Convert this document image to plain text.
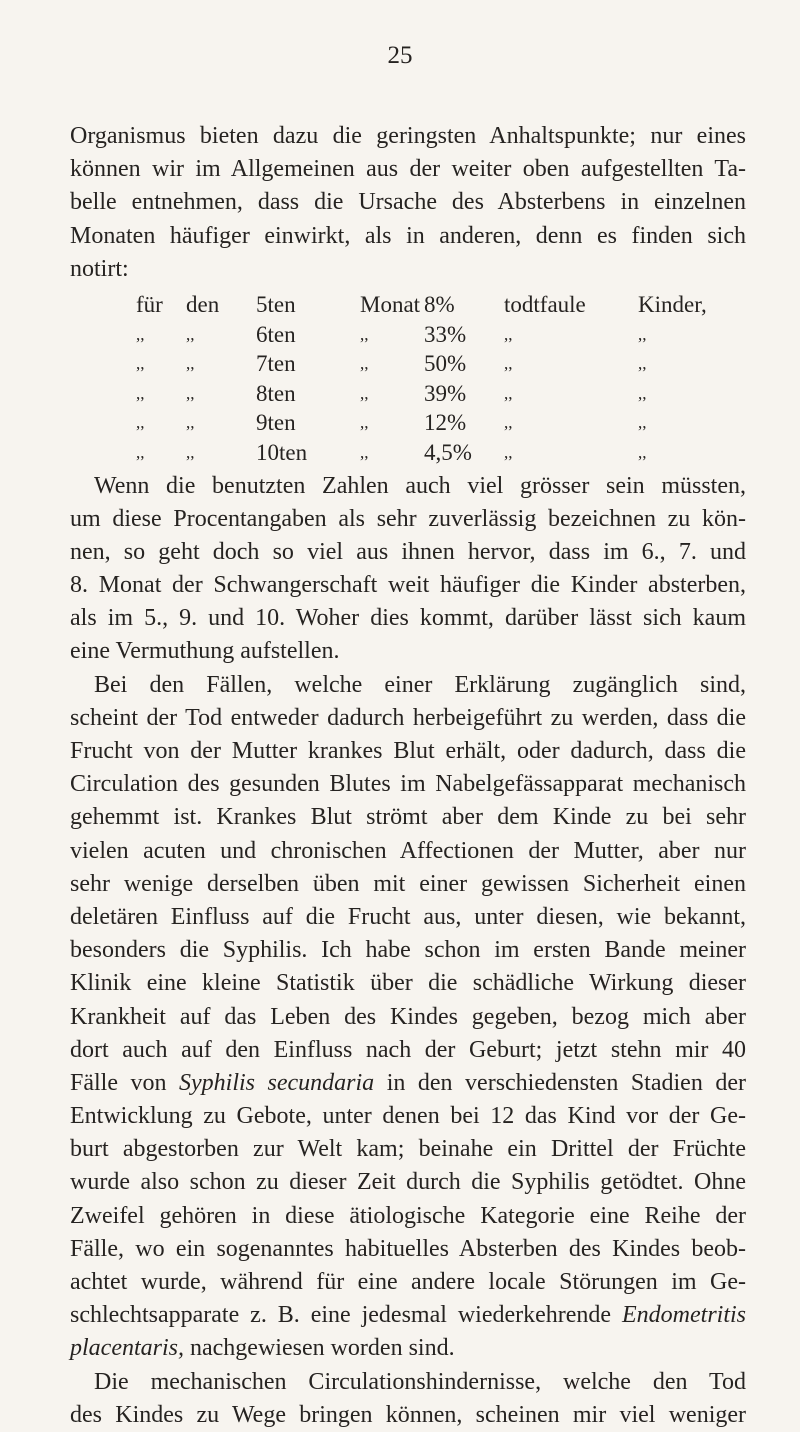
25
Organismus bieten dazu die geringsten Anhaltspunkte; nur eines
können wir im Allgemeinen aus der weiter oben aufgestellten Ta-
belle entnehmen, dass die Ursache des Absterbens in einzelnen
Monaten häufiger einwirkt, als in anderen, denn es finden sich
notirt:
für den 5ten	Monat 8% todtfaule Kinder,
,, ,,	6ten	,, 33% ,,	,,
,, ,,	7ten	,, 50% ,,	,,
,, ,,	8ten	,, 39% ,,	,,
,, ,,	9ten	,, 12% ,,	,,
,, ,,	10ten	,, 4,5% ,,	,,
Wenn die benutzten Zahlen auch viel grösser sein müssten,
um diese Procentangaben als sehr zuverlässig bezeichnen zu kön-
nen, so geht doch so viel aus ihnen hervor, dass im 6., 7. und
8. Monat der Schwangerschaft weit häufiger die Kinder absterben,
als im 5., 9. und 10. Woher dies kommt, darüber lässt sich kaum
eine Vermuthung aufstellen.
Bei den Fällen, welche einer Erklärung zugänglich sind,
scheint der Tod entweder dadurch herbeigeführt zu werden, dass die
Frucht von der Mutter krankes Blut erhält, oder dadurch, dass die
Circulation des gesunden Blutes im Nabelgefässapparat mechanisch
gehemmt ist. Krankes Blut strömt aber dem Kinde zu bei sehr
vielen acuten und chronischen Affectionen der Mutter, aber nur
sehr wenige derselben üben mit einer gewissen Sicherheit einen
deletären Einfluss auf die Frucht aus, unter diesen, wie bekannt,
besonders die Syphilis. Ich habe schon im ersten Bande meiner
Klinik eine kleine Statistik über die schädliche Wirkung dieser
Krankheit auf das Leben des Kindes gegeben, bezog mich aber
dort auch auf den Einfluss nach der Geburt; jetzt stehn mir 40
Fälle von Syphilis secundaria in den verschiedensten Stadien der
Entwicklung zu Gebote, unter denen bei 12 das Kind vor der Ge-
burt abgestorben zur Welt kam; beinahe ein Drittel der Früchte
wurde also schon zu dieser Zeit durch die Syphilis getödtet. Ohne
Zweifel gehören in diese ätiologische Kategorie eine Reihe der
Fälle, wo ein sogenanntes habituelles Absterben des Kindes beob-
achtet wurde, während für eine andere locale Störungen im Ge-
schlechtsapparate z. B. eine jedesmal wiederkehrende Endometritis
placentaris, nachgewiesen worden sind.
Die mechanischen Circulationshindernisse, welche den Tod
des Kindes zu Wege bringen können, scheinen mir viel weniger
